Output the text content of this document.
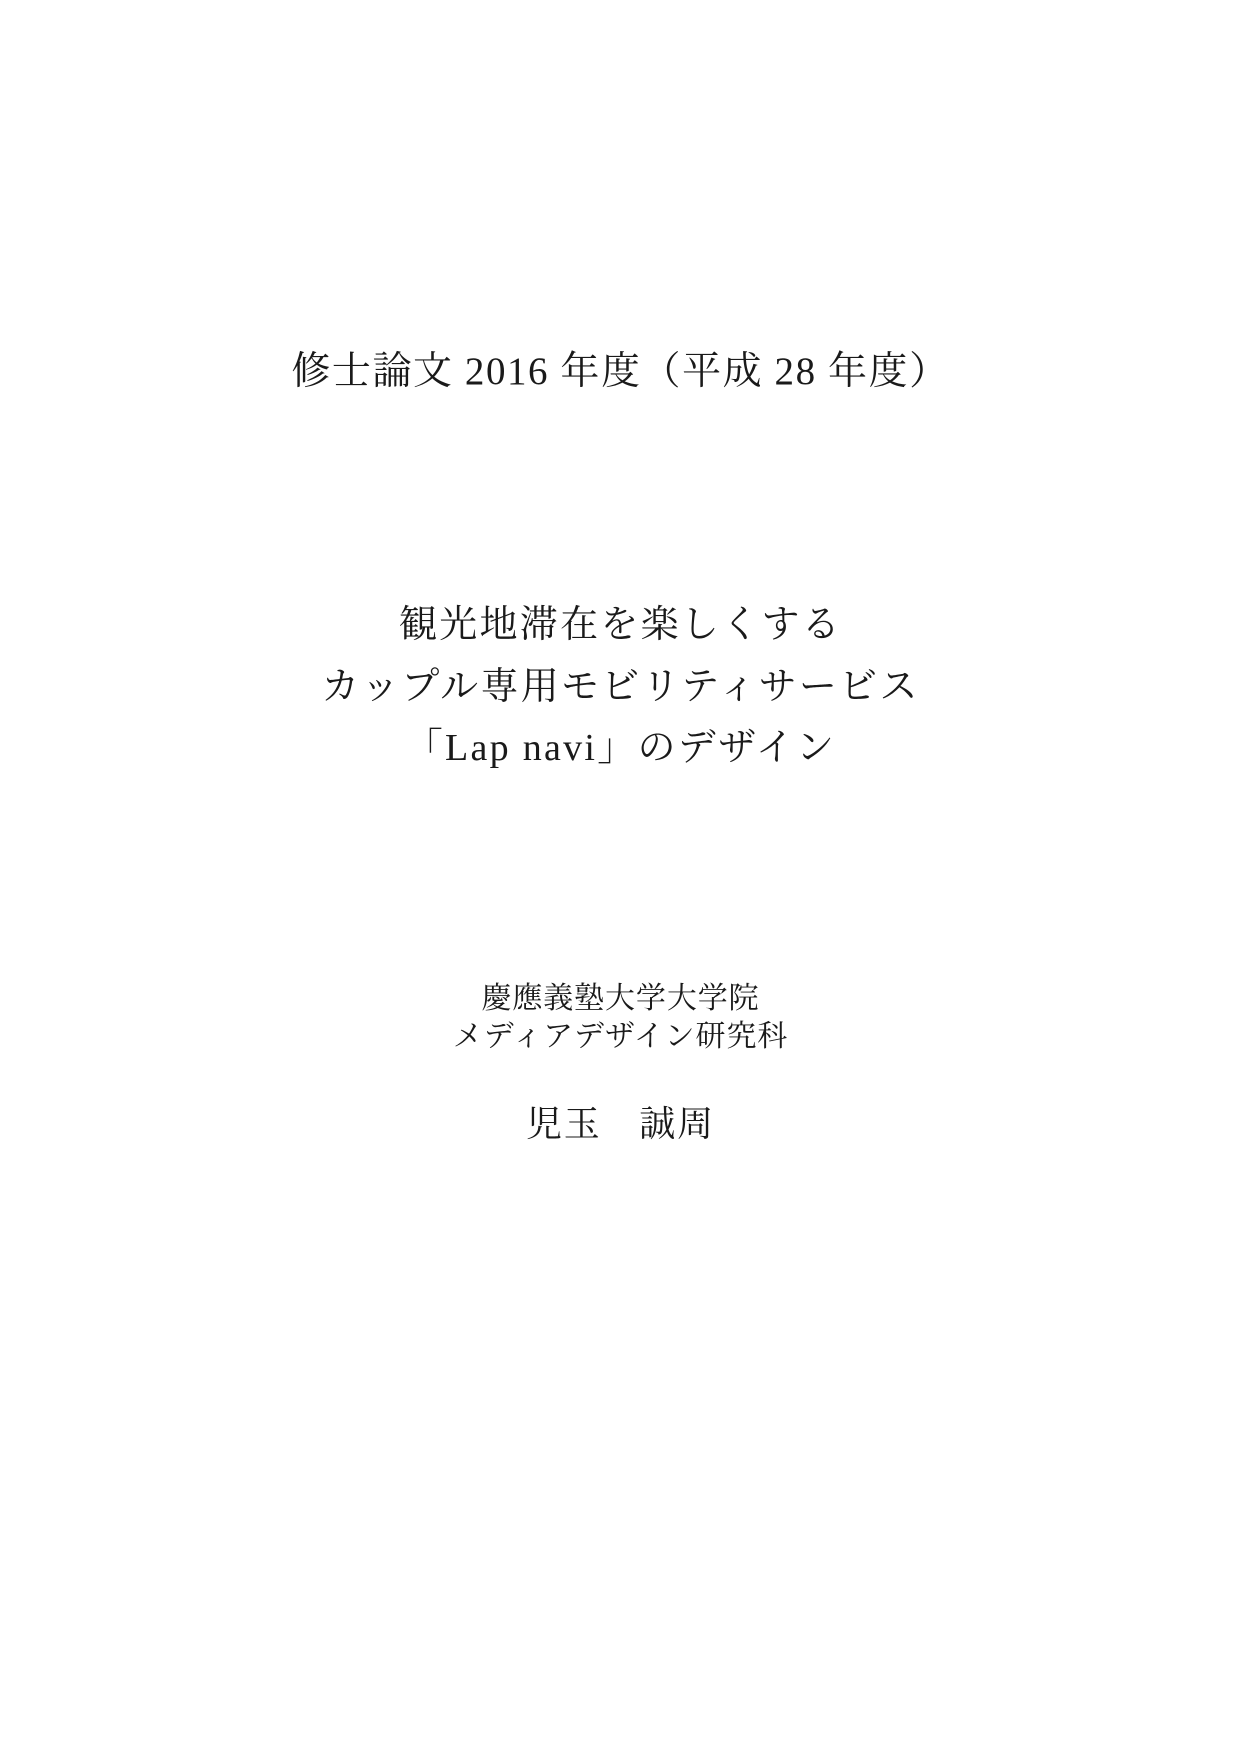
修士論文 2016 年度（平成 28 年度）
観光地滞在を楽しくする
カップル専用モビリティサービス
「Lap navi」のデザイン
慶應義塾大学大学院
メディアデザイン研究科
児玉　誠周
